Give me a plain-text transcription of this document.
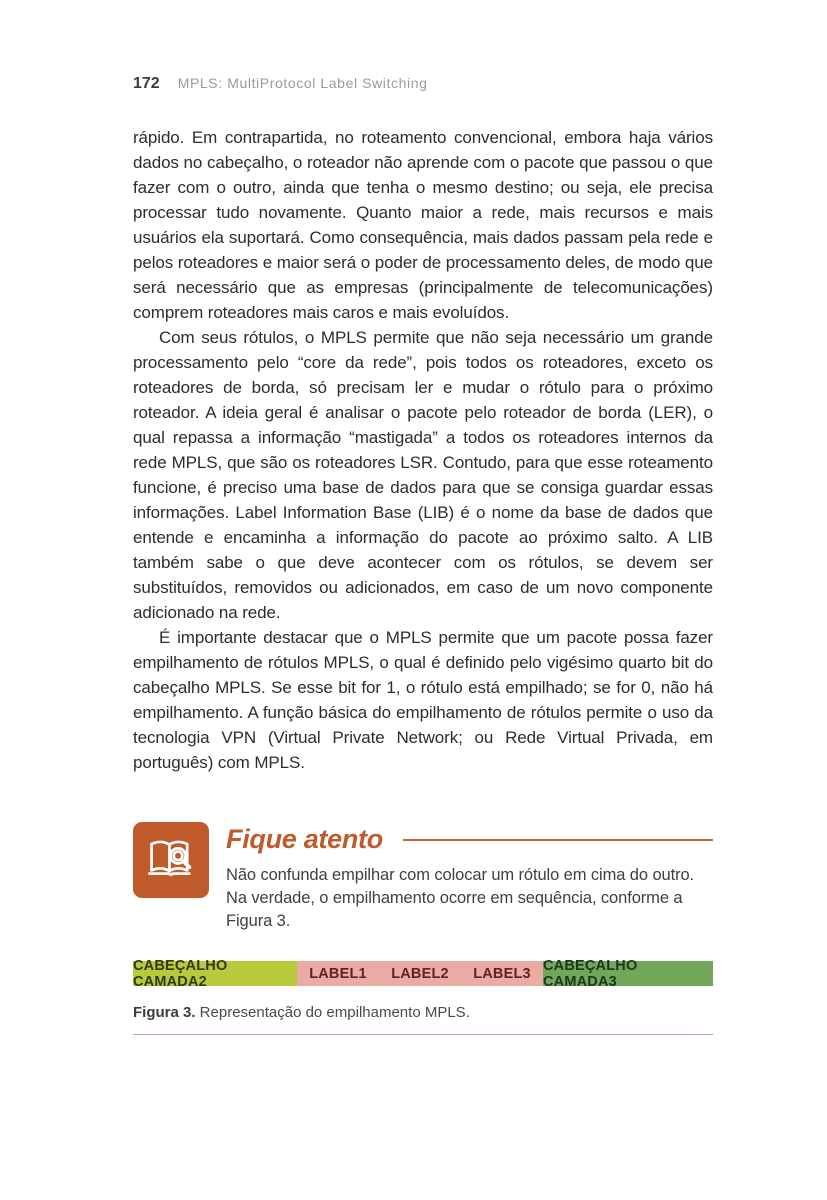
172 MPLS: MultiProtocol Label Switching

rápido. Em contrapartida, no roteamento convencional, embora haja vários dados no cabeçalho, o roteador não aprende com o pacote que passou o que fazer com o outro, ainda que tenha o mesmo destino; ou seja, ele precisa processar tudo novamente. Quanto maior a rede, mais recursos e mais usuários ela suportará. Como consequência, mais dados passam pela rede e pelos roteadores e maior será o poder de processamento deles, de modo que será necessário que as empresas (principalmente de telecomunicações) comprem roteadores mais caros e mais evoluídos.

Com seus rótulos, o MPLS permite que não seja necessário um grande processamento pelo “core da rede”, pois todos os roteadores, exceto os roteadores de borda, só precisam ler e mudar o rótulo para o próximo roteador. A ideia geral é analisar o pacote pelo roteador de borda (LER), o qual repassa a informação “mastigada” a todos os roteadores internos da rede MPLS, que são os roteadores LSR. Contudo, para que esse roteamento funcione, é preciso uma base de dados para que se consiga guardar essas informações. Label Information Base (LIB) é o nome da base de dados que entende e encaminha a informação do pacote ao próximo salto. A LIB também sabe o que deve acontecer com os rótulos, se devem ser substituídos, removidos ou adicionados, em caso de um novo componente adicionado na rede.

É importante destacar que o MPLS permite que um pacote possa fazer empilhamento de rótulos MPLS, o qual é definido pelo vigésimo quarto bit do cabeçalho MPLS. Se esse bit for 1, o rótulo está empilhado; se for 0, não há empilhamento. A função básica do empilhamento de rótulos permite o uso da tecnologia VPN (Virtual Private Network; ou Rede Virtual Privada, em português) com MPLS.

Fique atento
Não confunda empilhar com colocar um rótulo em cima do outro. Na verdade, o empilhamento ocorre em sequência, conforme a Figura 3.
CABEÇALHO CAMADA2	LABEL1	LABEL2	LABEL3 CABEÇALHO CAMADA3
Figura 3. Representação do empilhamento MPLS.
